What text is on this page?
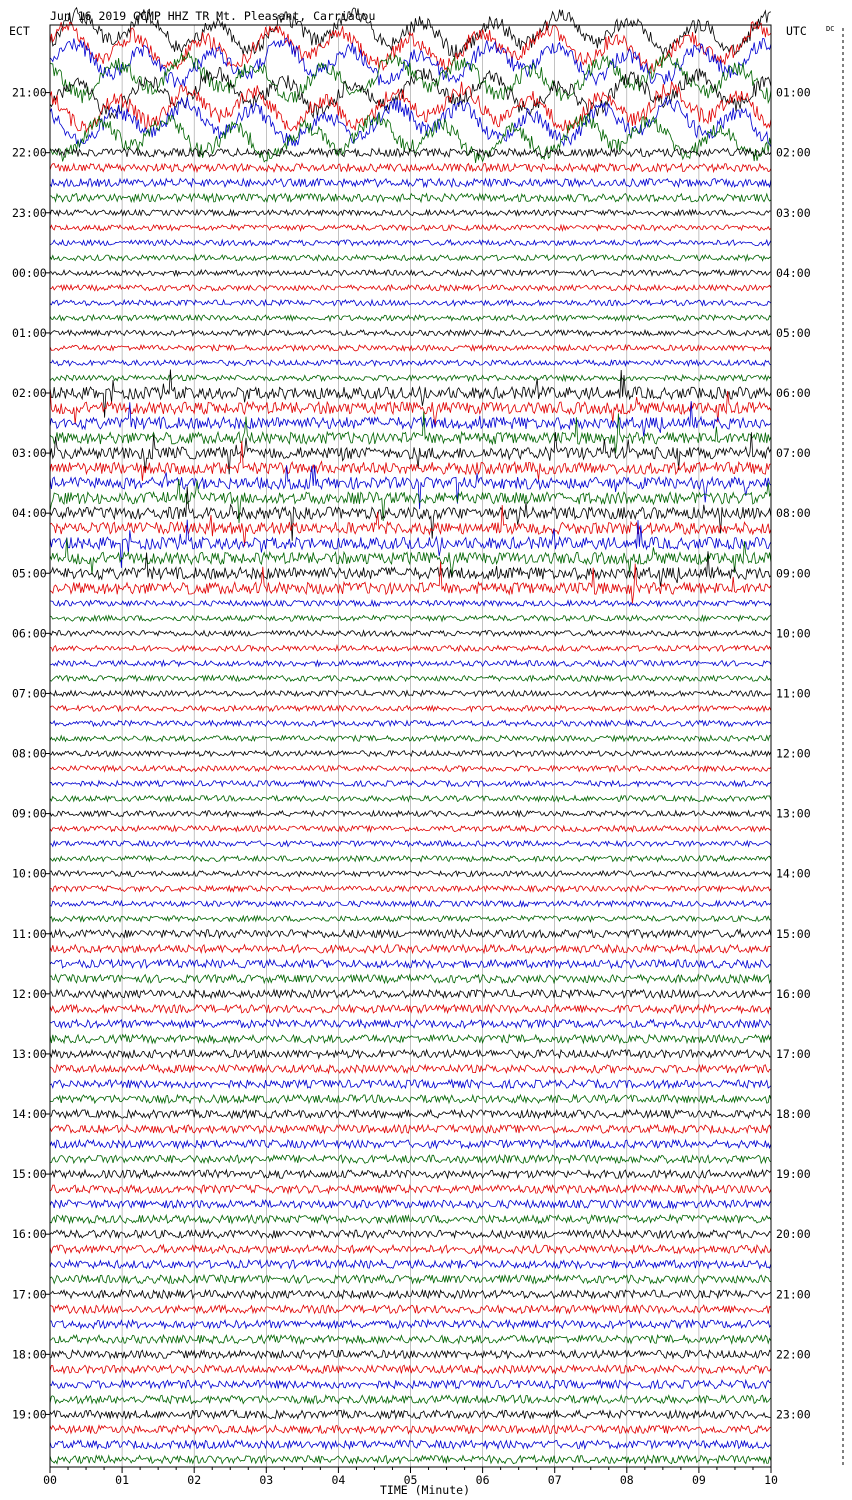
Jun 16 2019 GCMP HHZ TR Mt. Pleasant, Carriacou
ECT	UTC	DC
21:00
22:00
23:00
00:00
01:00
02:00
03:00
04:00
05:00
06:00
07:00
08:00
09:00
10:00
11:00
12:00
13:00
14:00
15:00
16:00
17:00
18:00
19:00
01:00
02:00
03:00
04:00
05:00
06:00
07:00
08:00
09:00
10:00
11:00
12:00
13:00
14:00
15:00
16:00
17:00
18:00
19:00
20:00
21:00
22:00
23:00
00	01	02	03	04	05	06	07	08	09	10
TIME (Minute)
